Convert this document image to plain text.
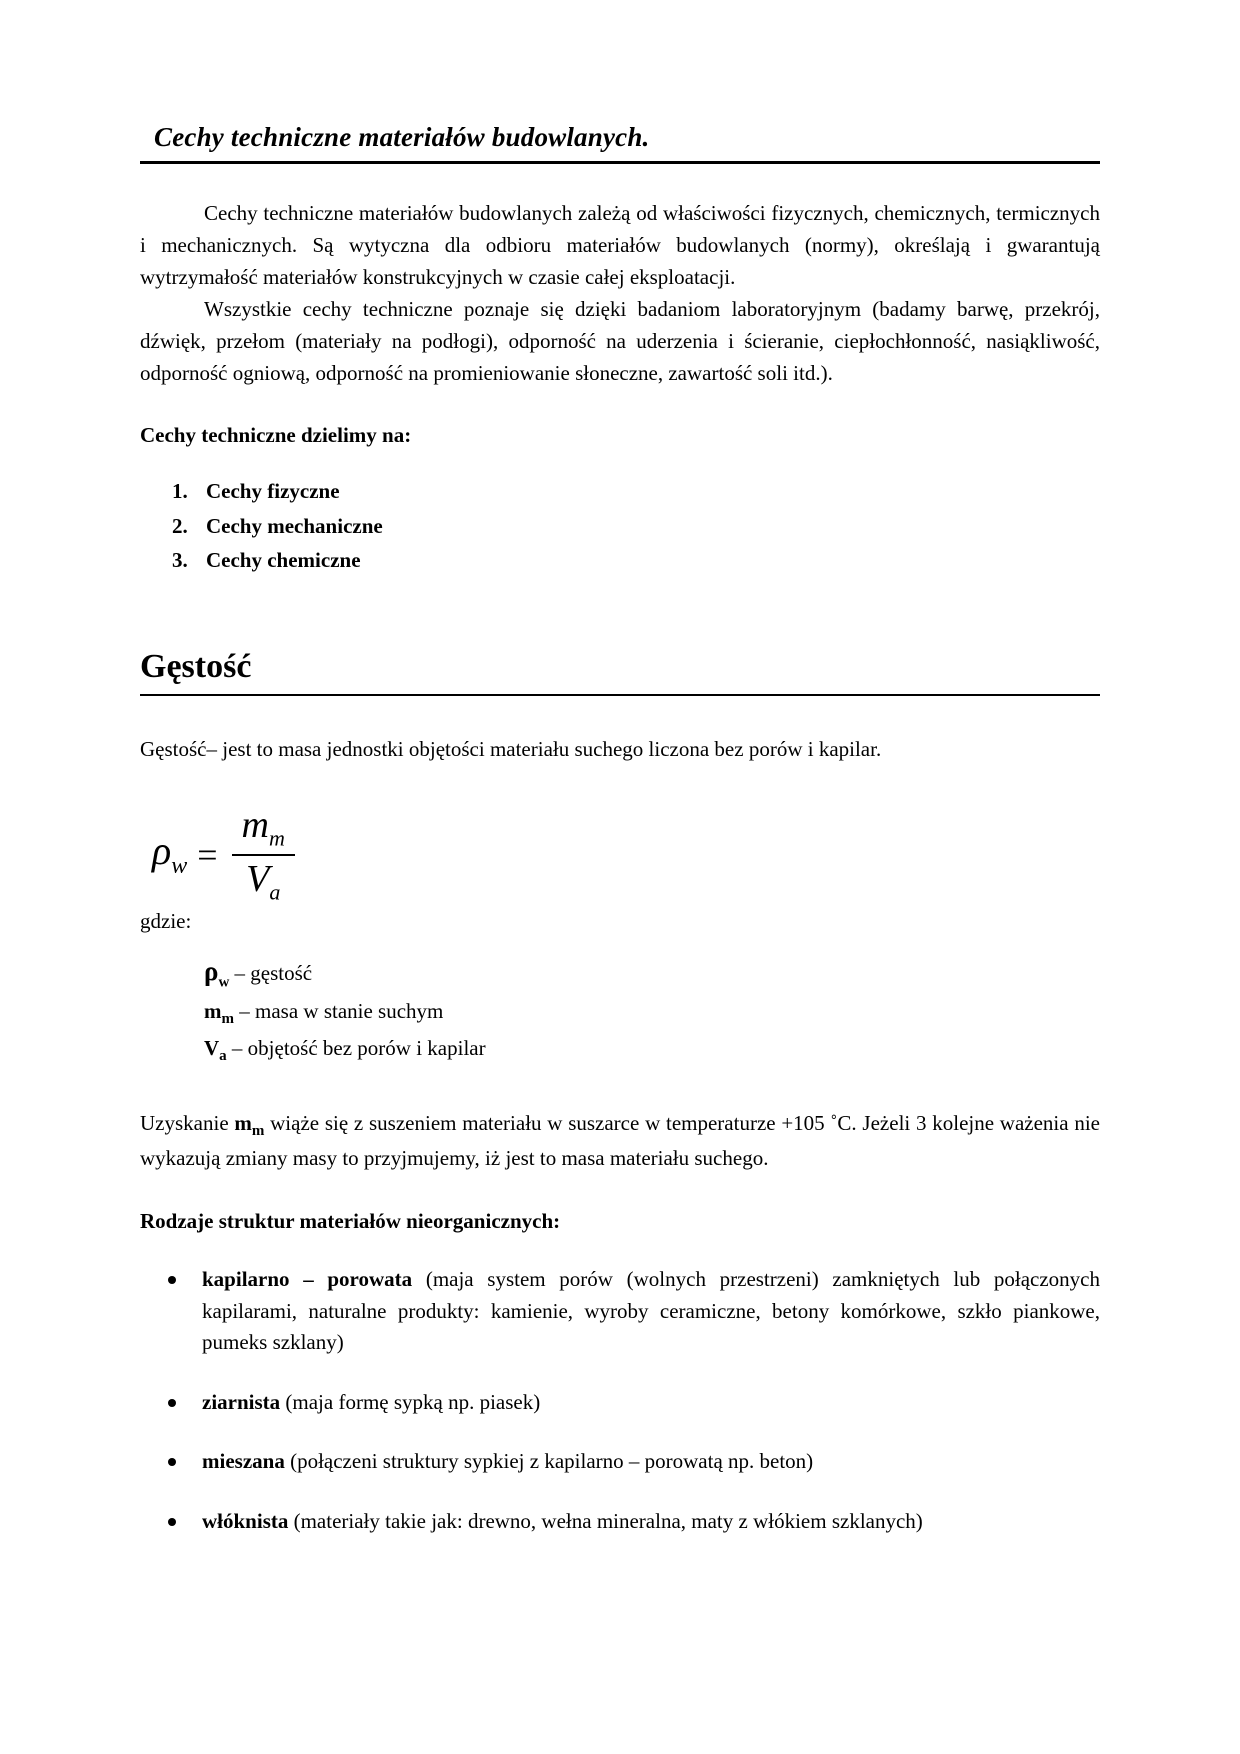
Cechy techniczne materiałów budowlanych.

Cechy techniczne materiałów budowlanych zależą od właściwości fizycznych, chemicznych, termicznych i mechanicznych. Są wytyczna dla odbioru materiałów budowlanych (normy), określają i gwarantują wytrzymałość materiałów konstrukcyjnych w czasie całej eksploatacji.

Wszystkie cechy techniczne poznaje się dzięki badaniom laboratoryjnym (badamy barwę, przekrój, dźwięk, przełom (materiały na podłogi), odporność na uderzenia i ścieranie, ciepłochłonność, nasiąkliwość, odporność ogniową, odporność na promieniowanie słoneczne, zawartość soli itd.).

Cechy techniczne dzielimy na:
1. Cechy fizyczne
2. Cechy mechaniczne
3. Cechy chemiczne
Gęstość

Gęstość– jest to masa jednostki objętości materiału suchego liczona bez porów i kapilar.

$\rho_w = \frac{m_m}{V_a}$
gdzie:
$\rho_w$ – gęstość
$m_m$ – masa w stanie suchym
$V_a$ – objętość bez porów i kapilar

Uzyskanie $m_m$ wiąże się z suszeniem materiału w suszarce w temperaturze +105 ˚C. Jeżeli 3 kolejne ważenia nie wykazują zmiany masy to przyjmujemy, iż jest to masa materiału suchego.

Rodzaje struktur materiałów nieorganicznych:
kapilarno – porowata (maja system porów (wolnych przestrzeni) zamkniętych lub połączonych kapilarami, naturalne produkty: kamienie, wyroby ceramiczne, betony komórkowe, szkło piankowe, pumeks szklany)
ziarnista (maja formę sypką np. piasek)
mieszana (połączeni struktury sypkiej z kapilarno – porowatą np. beton)
włóknista (materiały takie jak: drewno, wełna mineralna, maty z włókiem szklanych)
